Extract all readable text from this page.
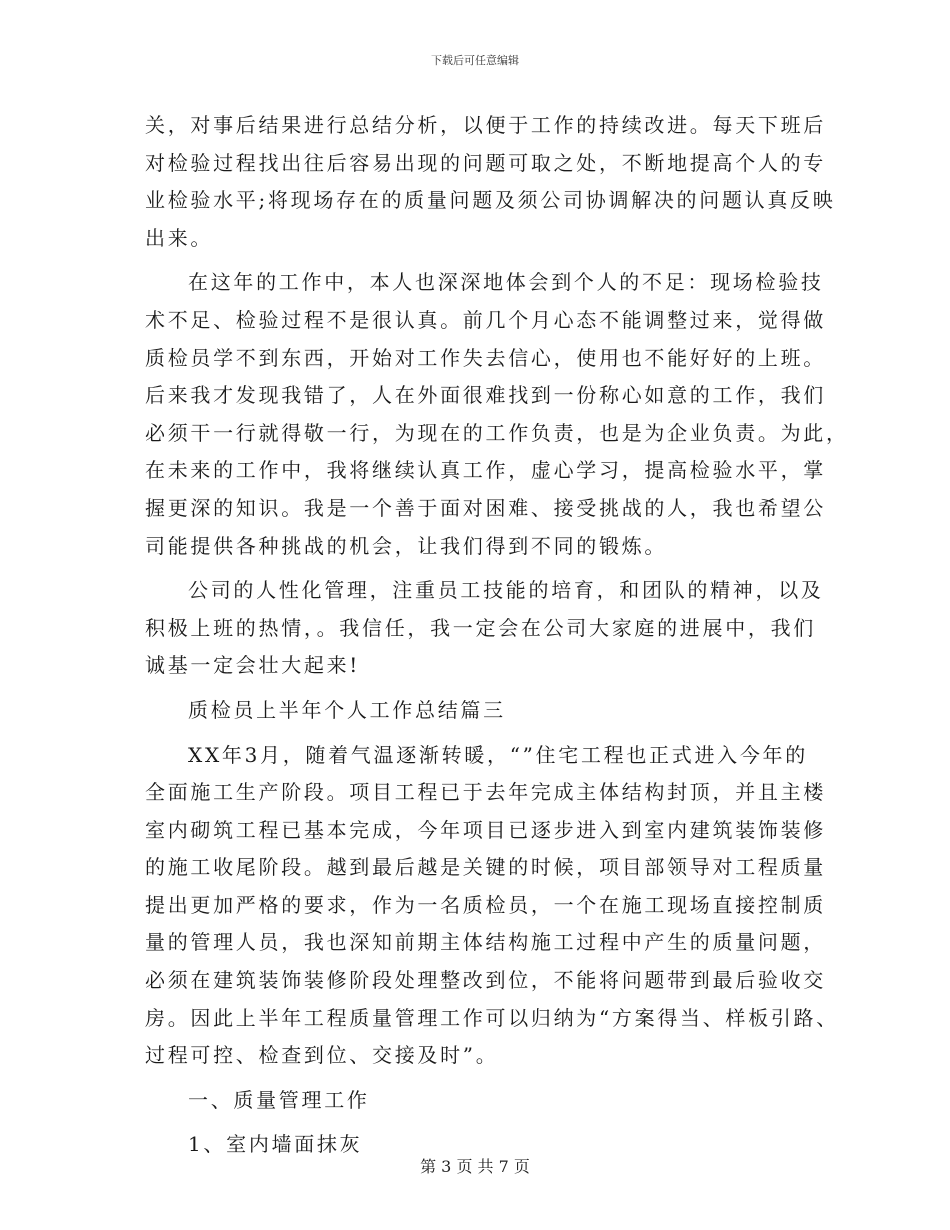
下载后可任意编辑
关，对事后结果进行总结分析，以便于工作的持续改进。每天下班后
对检验过程找出往后容易出现的问题可取之处，不断地提高个人的专
业检验水平;将现场存在的质量问题及须公司协调解决的问题认真反映
出来。
在这年的工作中，本人也深深地体会到个人的不足：现场检验技
术不足、检验过程不是很认真。前几个月心态不能调整过来，觉得做
质检员学不到东西，开始对工作失去信心，使用也不能好好的上班。
后来我才发现我错了，人在外面很难找到一份称心如意的工作，我们
必须干一行就得敬一行，为现在的工作负责，也是为企业负责。为此，
在未来的工作中，我将继续认真工作，虚心学习，提高检验水平，掌
握更深的知识。我是一个善于面对困难、接受挑战的人，我也希望公
司能提供各种挑战的机会，让我们得到不同的锻炼。
公司的人性化管理，注重员工技能的培育，和团队的精神，以及
积极上班的热情，。我信任，我一定会在公司大家庭的进展中，我们
诚基一定会壮大起来!
质检员上半年个人工作总结篇三
XX年3月，随着气温逐渐转暖，“”住宅工程也正式进入今年的
全面施工生产阶段。项目工程已于去年完成主体结构封顶，并且主楼
室内砌筑工程已基本完成，今年项目已逐步进入到室内建筑装饰装修
的施工收尾阶段。越到最后越是关键的时候，项目部领导对工程质量
提出更加严格的要求，作为一名质检员，一个在施工现场直接控制质
量的管理人员，我也深知前期主体结构施工过程中产生的质量问题，
必须在建筑装饰装修阶段处理整改到位，不能将问题带到最后验收交
房。因此上半年工程质量管理工作可以归纳为“方案得当、样板引路、
过程可控、检查到位、交接及时”。
一、质量管理工作
1、室内墙面抹灰
第 3 页 共 7 页
